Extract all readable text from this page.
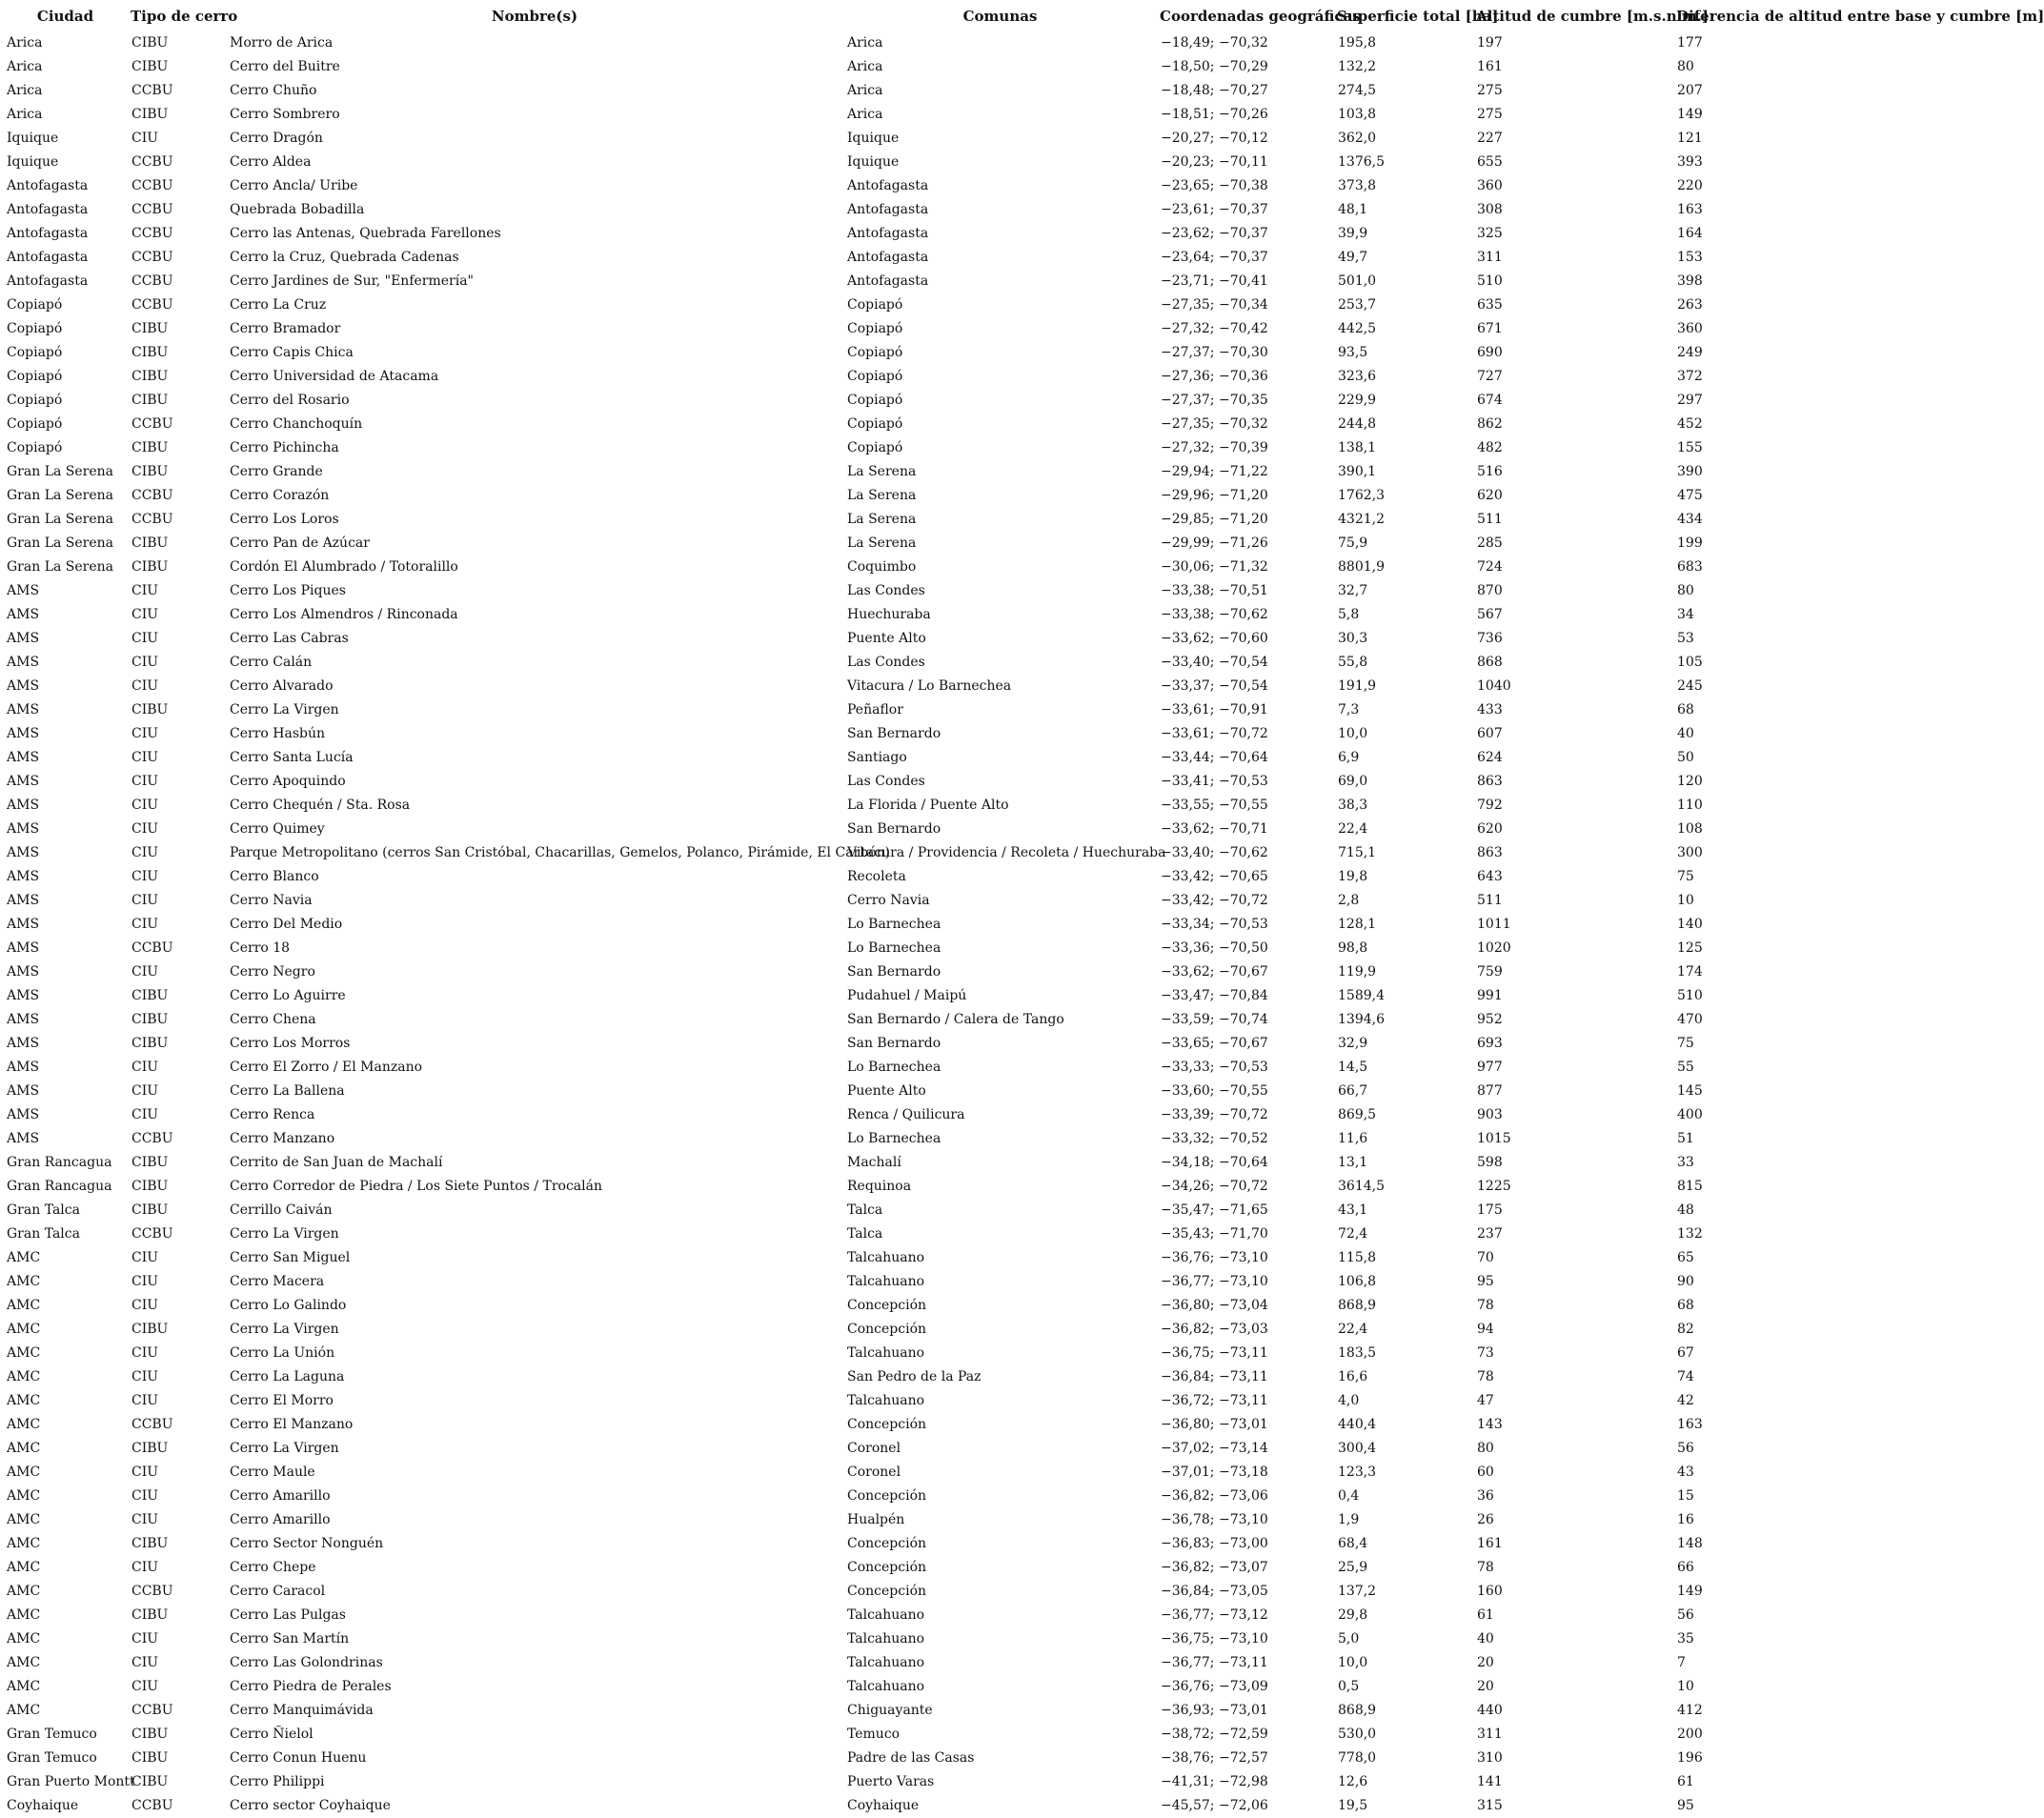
Ciudad	Tipo de cerro	Nombre(s)	Comunas	Coordenadas geográficas	Superficie total [ha]	Altitud de cumbre [m.s.n.m.]	Diferencia de altitud entre base y cumbre [m]
Arica	CIBU	Morro de Arica	Arica	−18,49; −70,32	195,8	197	177
Arica	CIBU	Cerro del Buitre	Arica	−18,50; −70,29	132,2	161	80
Arica	CCBU	Cerro Chuño	Arica	−18,48; −70,27	274,5	275	207
Arica	CIBU	Cerro Sombrero	Arica	−18,51; −70,26	103,8	275	149
Iquique	CIU	Cerro Dragón	Iquique	−20,27; −70,12	362,0	227	121
Iquique	CCBU	Cerro Aldea	Iquique	−20,23; −70,11	1376,5	655	393
Antofagasta	CCBU	Cerro Ancla/ Uribe	Antofagasta	−23,65; −70,38	373,8	360	220
Antofagasta	CCBU	Quebrada Bobadilla	Antofagasta	−23,61; −70,37	48,1	308	163
Antofagasta	CCBU	Cerro las Antenas, Quebrada Farellones	Antofagasta	−23,62; −70,37	39,9	325	164
Antofagasta	CCBU	Cerro la Cruz, Quebrada Cadenas	Antofagasta	−23,64; −70,37	49,7	311	153
Antofagasta	CCBU	Cerro Jardines de Sur, "Enfermería"	Antofagasta	−23,71; −70,41	501,0	510	398
Copiapó	CCBU	Cerro La Cruz	Copiapó	−27,35; −70,34	253,7	635	263
Copiapó	CIBU	Cerro Bramador	Copiapó	−27,32; −70,42	442,5	671	360
Copiapó	CIBU	Cerro Capis Chica	Copiapó	−27,37; −70,30	93,5	690	249
Copiapó	CIBU	Cerro Universidad de Atacama	Copiapó	−27,36; −70,36	323,6	727	372
Copiapó	CIBU	Cerro del Rosario	Copiapó	−27,37; −70,35	229,9	674	297
Copiapó	CCBU	Cerro Chanchoquín	Copiapó	−27,35; −70,32	244,8	862	452
Copiapó	CIBU	Cerro Pichincha	Copiapó	−27,32; −70,39	138,1	482	155
Gran La Serena	CIBU	Cerro Grande	La Serena	−29,94; −71,22	390,1	516	390
Gran La Serena	CCBU	Cerro Corazón	La Serena	−29,96; −71,20	1762,3	620	475
Gran La Serena	CCBU	Cerro Los Loros	La Serena	−29,85; −71,20	4321,2	511	434
Gran La Serena	CIBU	Cerro Pan de Azúcar	La Serena	−29,99; −71,26	75,9	285	199
Gran La Serena	CIBU	Cordón El Alumbrado / Totoralillo	Coquimbo	−30,06; −71,32	8801,9	724	683
AMS	CIU	Cerro Los Piques	Las Condes	−33,38; −70,51	32,7	870	80
AMS	CIU	Cerro Los Almendros / Rinconada	Huechuraba	−33,38; −70,62	5,8	567	34
AMS	CIU	Cerro Las Cabras	Puente Alto	−33,62; −70,60	30,3	736	53
AMS	CIU	Cerro Calán	Las Condes	−33,40; −70,54	55,8	868	105
AMS	CIU	Cerro Alvarado	Vitacura / Lo Barnechea	−33,37; −70,54	191,9	1040	245
AMS	CIBU	Cerro La Virgen	Peñaflor	−33,61; −70,91	7,3	433	68
AMS	CIU	Cerro Hasbún	San Bernardo	−33,61; −70,72	10,0	607	40
AMS	CIU	Cerro Santa Lucía	Santiago	−33,44; −70,64	6,9	624	50
AMS	CIU	Cerro Apoquindo	Las Condes	−33,41; −70,53	69,0	863	120
AMS	CIU	Cerro Chequén / Sta. Rosa	La Florida / Puente Alto	−33,55; −70,55	38,3	792	110
AMS	CIU	Cerro Quimey	San Bernardo	−33,62; −70,71	22,4	620	108
AMS	CIU	Parque Metropolitano (cerros San Cristóbal, Chacarillas, Gemelos, Polanco, Pirámide, El Carbón)	Vitacura / Providencia / Recoleta / Huechuraba	−33,40; −70,62	715,1	863	300
AMS	CIU	Cerro Blanco	Recoleta	−33,42; −70,65	19,8	643	75
AMS	CIU	Cerro Navia	Cerro Navia	−33,42; −70,72	2,8	511	10
AMS	CIU	Cerro Del Medio	Lo Barnechea	−33,34; −70,53	128,1	1011	140
AMS	CCBU	Cerro 18	Lo Barnechea	−33,36; −70,50	98,8	1020	125
AMS	CIU	Cerro Negro	San Bernardo	−33,62; −70,67	119,9	759	174
AMS	CIBU	Cerro Lo Aguirre	Pudahuel / Maipú	−33,47; −70,84	1589,4	991	510
AMS	CIBU	Cerro Chena	San Bernardo / Calera de Tango	−33,59; −70,74	1394,6	952	470
AMS	CIBU	Cerro Los Morros	San Bernardo	−33,65; −70,67	32,9	693	75
AMS	CIU	Cerro El Zorro / El Manzano	Lo Barnechea	−33,33; −70,53	14,5	977	55
AMS	CIU	Cerro La Ballena	Puente Alto	−33,60; −70,55	66,7	877	145
AMS	CIU	Cerro Renca	Renca / Quilicura	−33,39; −70,72	869,5	903	400
AMS	CCBU	Cerro Manzano	Lo Barnechea	−33,32; −70,52	11,6	1015	51
Gran Rancagua	CIBU	Cerrito de San Juan de Machalí	Machalí	−34,18; −70,64	13,1	598	33
Gran Rancagua	CIBU	Cerro Corredor de Piedra / Los Siete Puntos / Trocalán	Requinoa	−34,26; −70,72	3614,5	1225	815
Gran Talca	CIBU	Cerrillo Caiván	Talca	−35,47; −71,65	43,1	175	48
Gran Talca	CCBU	Cerro La Virgen	Talca	−35,43; −71,70	72,4	237	132
AMC	CIU	Cerro San Miguel	Talcahuano	−36,76; −73,10	115,8	70	65
AMC	CIU	Cerro Macera	Talcahuano	−36,77; −73,10	106,8	95	90
AMC	CIU	Cerro Lo Galindo	Concepción	−36,80; −73,04	868,9	78	68
AMC	CIBU	Cerro La Virgen	Concepción	−36,82; −73,03	22,4	94	82
AMC	CIU	Cerro La Unión	Talcahuano	−36,75; −73,11	183,5	73	67
AMC	CIU	Cerro La Laguna	San Pedro de la Paz	−36,84; −73,11	16,6	78	74
AMC	CIU	Cerro El Morro	Talcahuano	−36,72; −73,11	4,0	47	42
AMC	CCBU	Cerro El Manzano	Concepción	−36,80; −73,01	440,4	143	163
AMC	CIBU	Cerro La Virgen	Coronel	−37,02; −73,14	300,4	80	56
AMC	CIU	Cerro Maule	Coronel	−37,01; −73,18	123,3	60	43
AMC	CIU	Cerro Amarillo	Concepción	−36,82; −73,06	0,4	36	15
AMC	CIU	Cerro Amarillo	Hualpén	−36,78; −73,10	1,9	26	16
AMC	CIBU	Cerro Sector Nonguén	Concepción	−36,83; −73,00	68,4	161	148
AMC	CIU	Cerro Chepe	Concepción	−36,82; −73,07	25,9	78	66
AMC	CCBU	Cerro Caracol	Concepción	−36,84; −73,05	137,2	160	149
AMC	CIBU	Cerro Las Pulgas	Talcahuano	−36,77; −73,12	29,8	61	56
AMC	CIU	Cerro San Martín	Talcahuano	−36,75; −73,10	5,0	40	35
AMC	CIU	Cerro Las Golondrinas	Talcahuano	−36,77; −73,11	10,0	20	7
AMC	CIU	Cerro Piedra de Perales	Talcahuano	−36,76; −73,09	0,5	20	10
AMC	CCBU	Cerro Manquimávida	Chiguayante	−36,93; −73,01	868,9	440	412
Gran Temuco	CIBU	Cerro Ñielol	Temuco	−38,72; −72,59	530,0	311	200
Gran Temuco	CIBU	Cerro Conun Huenu	Padre de las Casas	−38,76; −72,57	778,0	310	196
Gran Puerto Montt	CIBU	Cerro Philippi	Puerto Varas	−41,31; −72,98	12,6	141	61
Coyhaique	CCBU	Cerro sector Coyhaique	Coyhaique	−45,57; −72,06	19,5	315	95
